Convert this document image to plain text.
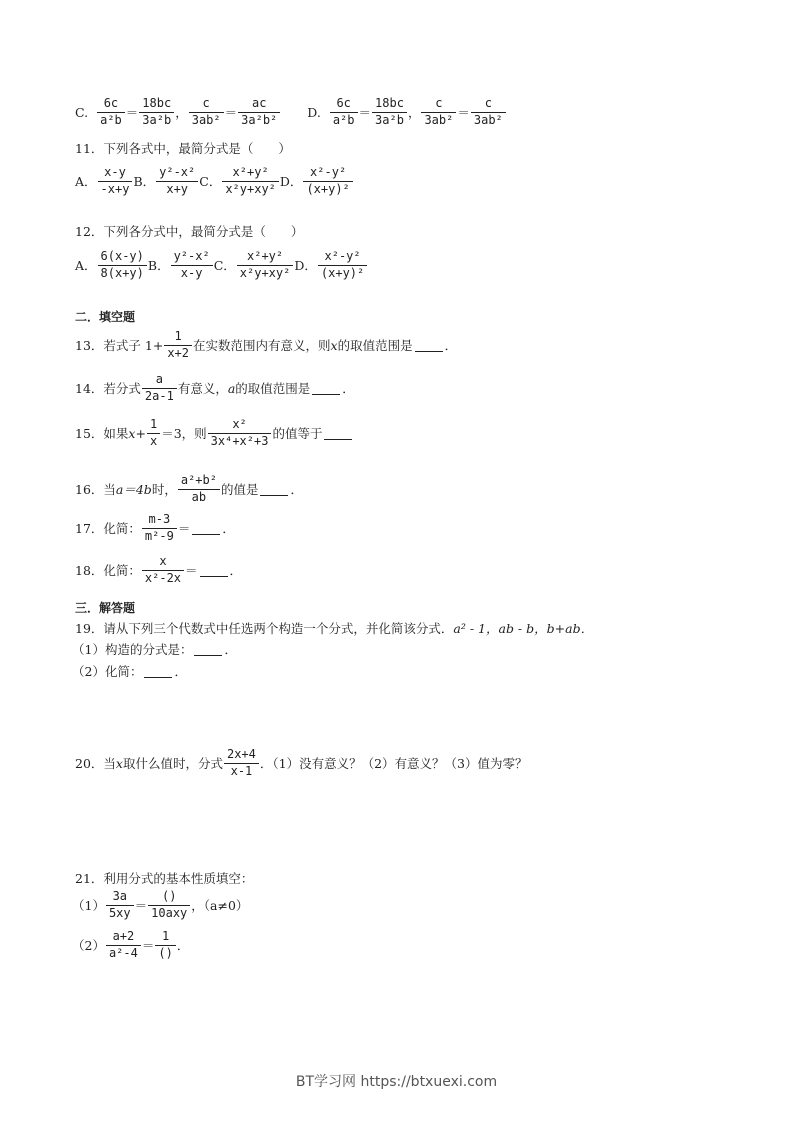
C. $\frac{6c}{\text{a²b}} = \frac{18bc}{\text{3a²b}}$ ， $\frac{c}{\text{3ab²}} = \frac{ac}{\text{3a²b²}} D$. $\frac{6c}{\text{a²b}} = \frac{18bc}{\text{3a²b}}$ ， $\frac{c}{\text{3ab²}} = \frac{c}{\text{3ab²}}$
11．下列各式中，最简分式是（　　）
A． $\frac{x-y}{-x+y}$ B． $\frac{\text{y²-x²}}{x+y}$ C． $\frac{\text{x²+y²}}{\text{x²y+xy²}}$ D． $\frac{\text{x²-y²}}{\text{(x+y)²}}$
12．下列各分式中，最简分式是（　　）
A． $\frac{6(x-y)}{8(x+y)}$ B． $\frac{\text{y²-x²}}{x-y}$ C． $\frac{\text{x²+y²}}{\text{x²y+xy²}}$ D． $\frac{\text{x²-y²}}{\text{(x+y)²}}$
二．填空题
13．若式子 $1+ \frac{1}{x+2}$ 在实数范围内有意义，则 x 的取值范围是	．
14．若分式 $\frac{a}{2a-1}$ 有意义， a 的取值范围是	．
15．如果 $x + \frac{1}{x} =3$，则 $\frac{\text{x²}}{\text{3x⁴+x²+3}}$ 的值等于
16．当 a＝4b 时， $\frac{\text{a²+b²}}{ab}$ 的值是	．
17．化简： $\frac{m-3}{\text{m²-9}}$ ＝	．
18．化简： $\frac{x}{\text{x²-2x}}$ ＝	．
三．解答题
19．请从下列三个代数式中任选两个构造一个分式，并化简该分式． a² - 1，ab - b，b+ab．
（1）构造的分式是：	．
（2）化简：	．
20．当 x 取什么值时，分式 $\frac{2x+4}{x-1}$ ．（1）没有意义？（2）有意义？（3）值为零？
21．利用分式的基本性质填空：
$(1) \frac{3a}{5xy} = \frac{()}{\text{10axy}}$ ，（a≠0）
$(2) \frac{a+2}{\text{a²-4}} = \frac{1}{()}$ ．
BT学习网 https://btxuexi.com
